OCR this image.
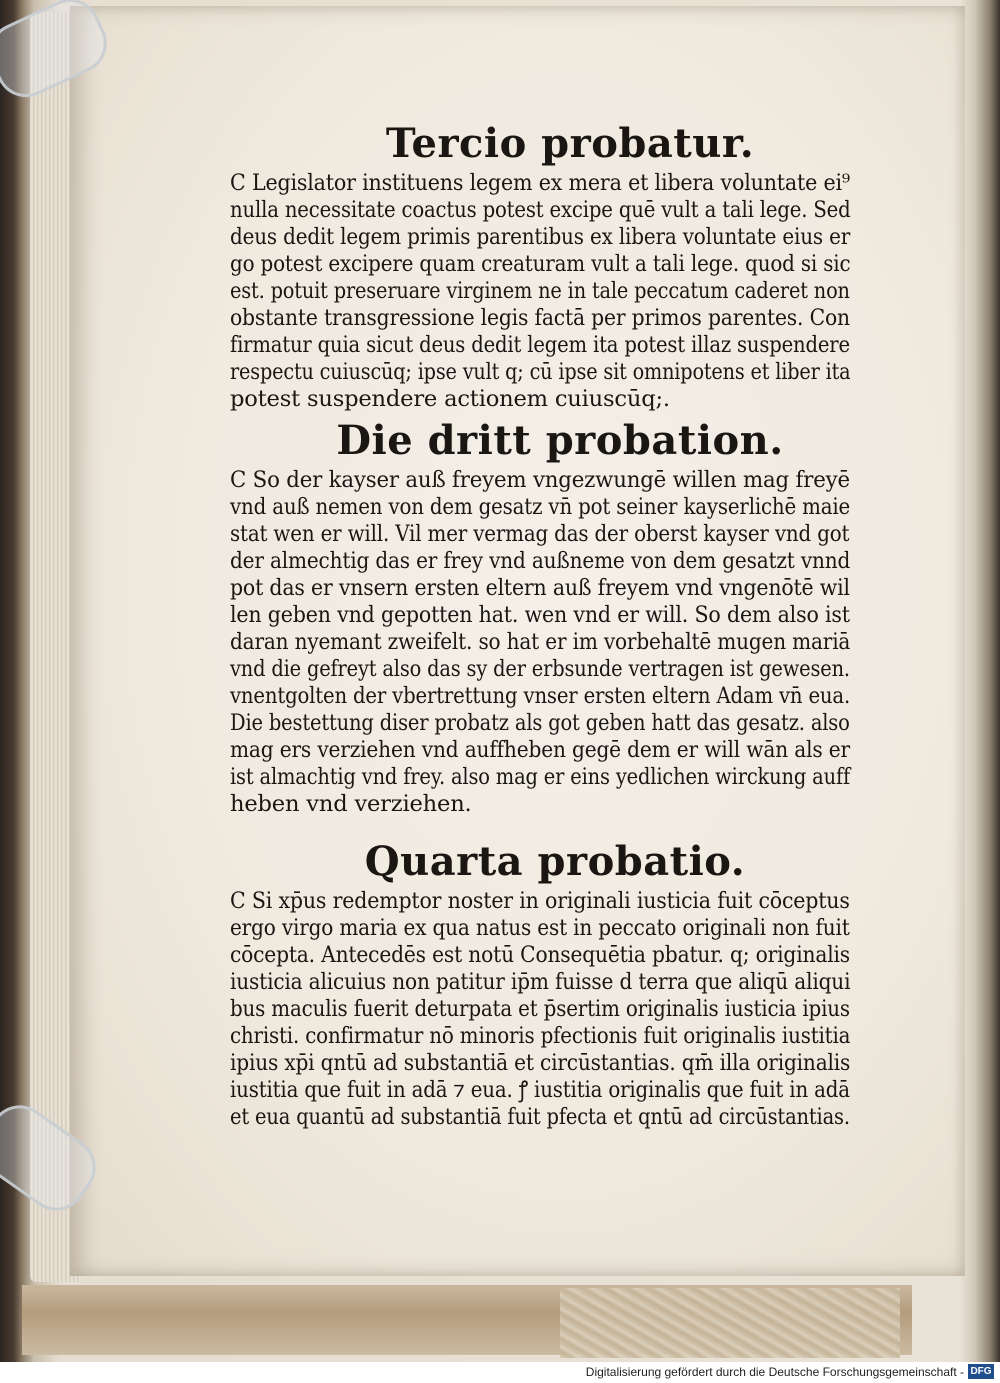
Tercio probatur.
C Legislator instituens legem ex mera et libera voluntate ei⁹
nulla necessitate coactus potest excipe quē vult a tali lege. Sed
deus dedit legem primis parentibus ex libera voluntate eius er
go potest excipere quam creaturam vult a tali lege. quod si sic
est. potuit preseruare virginem ne in tale peccatum caderet non
obstante transgressione legis factā per primos parentes. Con
firmatur quia sicut deus dedit legem ita potest illaz suspendere
respectu cuiuscūq; ipse vult q; cū ipse sit omnipotens et liber ita
potest suspendere actionem cuiuscūq;.
Die dritt probation.
C So der kayser auß freyem vngezwungē willen mag freyē
vnd auß nemen von dem gesatz vn̄ pot seiner kayserlichē maie
stat wen er will. Vil mer vermag das der oberst kayser vnd got
der almechtig das er frey vnd außneme von dem gesatzt vnnd
pot das er vnsern ersten eltern auß freyem vnd vngenōtē wil
len geben vnd gepotten hat. wen vnd er will. So dem also ist
daran nyemant zweifelt. so hat er im vorbehaltē mugen mariā
vnd die gefreyt also das sy der erbsunde vertragen ist gewesen.
vnentgolten der vbertrettung vnser ersten eltern Adam vn̄ eua.
Die bestettung diser probatz als got geben hatt das gesatz. also
mag ers verziehen vnd auffheben gegē dem er will wān als er
ist almachtig vnd frey. also mag er eins yedlichen wirckung auff
heben vnd verziehen.
Quarta probatio.
C Si xp̄us redemptor noster in originali iusticia fuit cōceptus
ergo virgo maria ex qua natus est in peccato originali non fuit
cōcepta. Antecedēs est notū Consequētia pbatur. q; originalis
iusticia alicuius non patitur ip̄m fuisse d terra que aliqū aliqui
bus maculis fuerit deturpata et p̄sertim originalis iusticia ipius
christi. confirmatur nō minoris pfectionis fuit originalis iustitia
ipius xp̄i qntū ad substantiā et circūstantias. qm̄ illa originalis
iustitia que fuit in adā ⁊ eua. ꝭ iustitia originalis que fuit in adā
et eua quantū ad substantiā fuit pfecta et qntū ad circūstantias.
Digitalisierung gefördert durch die Deutsche Forschungsgemeinschaft - DFG
